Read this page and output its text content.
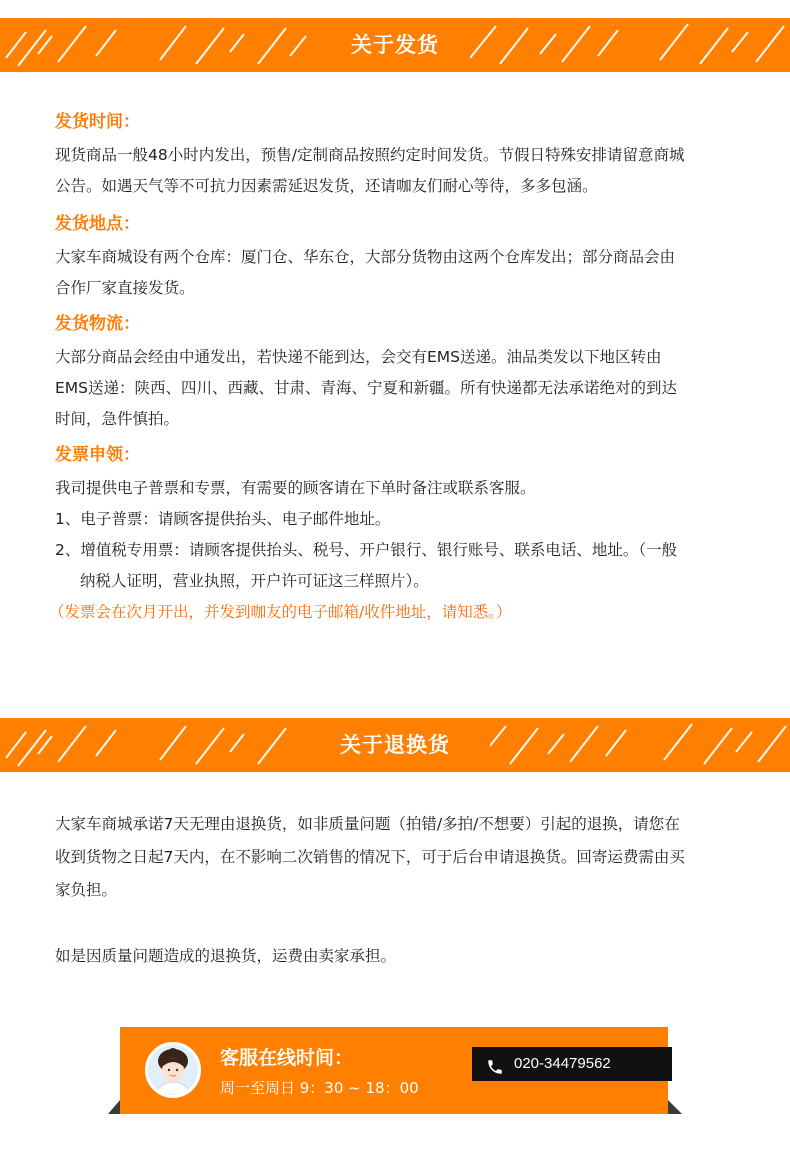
关于发货
发货时间：
现货商品一般48小时内发出，预售/定制商品按照约定时间发货。节假日特殊安排请留意商城
公告。如遇天气等不可抗力因素需延迟发货，还请咖友们耐心等待，多多包涵。
发货地点：
大家车商城设有两个仓库：厦门仓、华东仓，大部分货物由这两个仓库发出；部分商品会由
合作厂家直接发货。
发货物流：
大部分商品会经由中通发出，若快递不能到达，会交有EMS送递。油品类发以下地区转由
EMS送递：陕西、四川、西藏、甘肃、青海、宁夏和新疆。所有快递都无法承诺绝对的到达
时间，急件慎拍。
发票申领：
我司提供电子普票和专票，有需要的顾客请在下单时备注或联系客服。
1、电子普票：请顾客提供抬头、电子邮件地址。
2、增值税专用票：请顾客提供抬头、税号、开户银行、银行账号、联系电话、地址。（一般
纳税人证明，营业执照，开户许可证这三样照片）。
（发票会在次月开出，并发到咖友的电子邮箱/收件地址，请知悉。）
关于退换货
大家车商城承诺7天无理由退换货，如非质量问题（拍错/多拍/不想要）引起的退换，请您在
收到货物之日起7天内，在不影响二次销售的情况下，可于后台申请退换货。回寄运费需由买
家负担。
如是因质量问题造成的退换货，运费由卖家承担。
客服在线时间：
周一至周日 9：30 ~ 18：00
020-34479562
